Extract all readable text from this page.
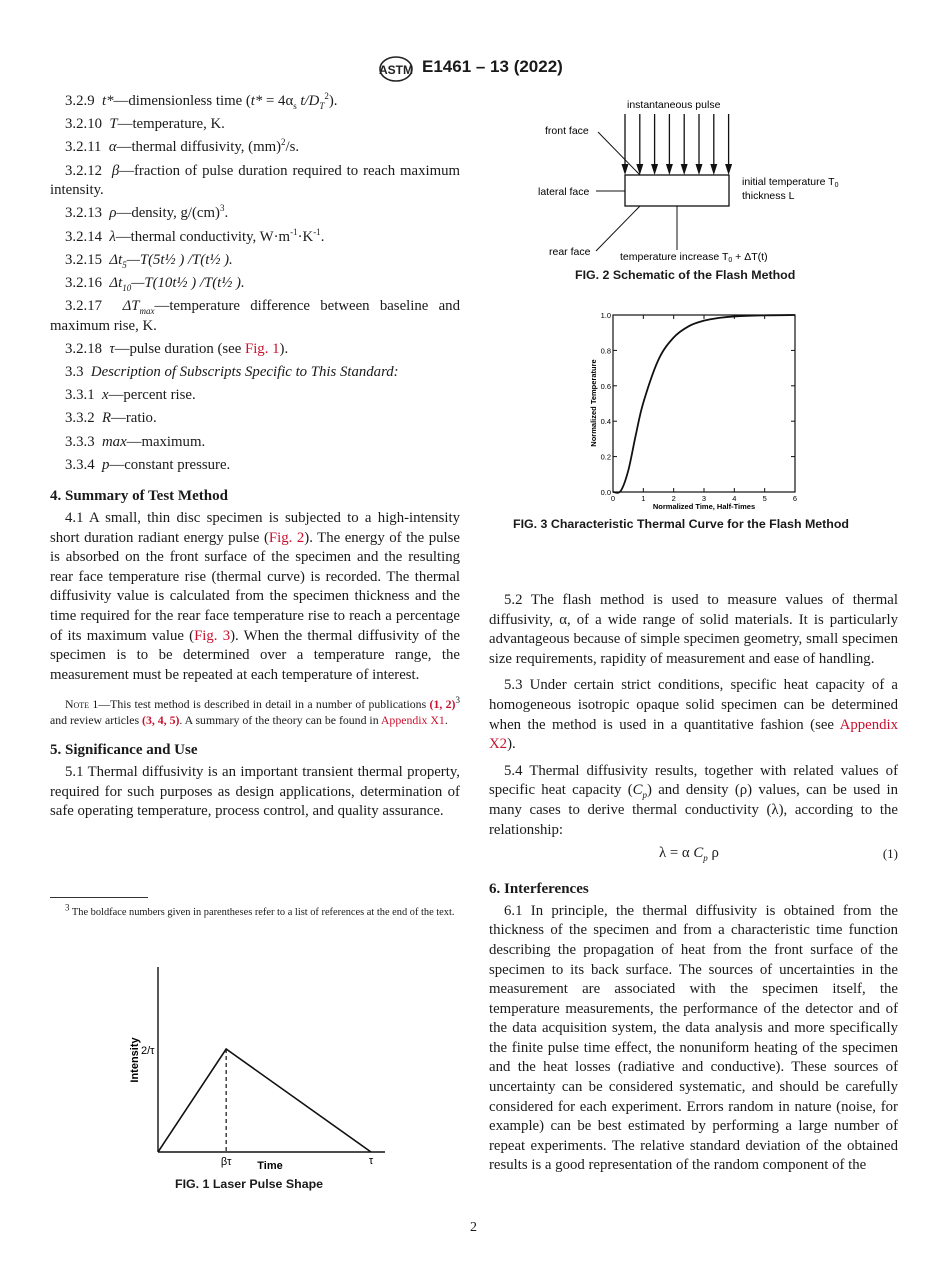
ASTM E1461 – 13 (2022)
3.2.9 t*—dimensionless time ($t* = 4\alpha_s$ $t/D_T^2$).
3.2.10 T—temperature, K.
3.2.11 α—thermal diffusivity, (mm)$^2$/s.
3.2.12 β—fraction of pulse duration required to reach maximum intensity.
3.2.13 ρ—density, g/(cm)$^3$.
3.2.14 λ—thermal conductivity, $W\cdot m^{-1}\cdot K^{-1}$.
3.2.15 $\Delta t_5—T(5t\frac{1}{2}$ ) /T(t½ ).
3.2.16 $\Delta t_{10}—T(10t\frac{1}{2}$ ) /T(t½ ).
3.2.17 $\Delta T_{max}—temperature$ difference between baseline and maximum rise, K.
3.2.18 τ—pulse duration (see Fig. 1).
3.3 Description of Subscripts Specific to This Standard:
3.3.1 x—percent rise.
3.3.2 R—ratio.
3.3.3 max—maximum.
3.3.4 p—constant pressure.

4. Summary of Test Method

4.1 A small, thin disc specimen is subjected to a high-intensity short duration radiant energy pulse (Fig. 2). The energy of the pulse is absorbed on the front surface of the specimen and the resulting rear face temperature rise (thermal curve) is recorded. The thermal diffusivity value is calculated from the specimen thickness and the time required for the rear face temperature rise to reach a percentage of its maximum value (Fig. 3). When the thermal diffusivity of the specimen is to be determined over a temperature range, the measurement must be repeated at each temperature of interest.

Note 1—This test method is described in detail in a number of publications (1, 2)$^3$ and review articles (3, 4, 5). A summary of the theory can be found in Appendix X1.

5. Significance and Use

5.1 Thermal diffusivity is an important transient thermal property, required for such purposes as design applications, determination of safe operating temperature, process control, and quality assurance.

$^3$ The boldface numbers given in parentheses refer to a list of references at the end of the text.
Intensity 2/τ
βτ Time	τ
FIG. 1 Laser Pulse Shape
instantaneous pulse
front face
lateral face
rear face	temperature increase T0 + ΔT(t)
initial temperature T0
thickness L
FIG. 2 Schematic of the Flash Method
0	1	2	3	4	5	6
0.0
0.2
0.4
0.6
0.8
1.0
Normalized Time, Half-Times
Normalized Temperature
FIG. 3 Characteristic Thermal Curve for the Flash Method

5.2 The flash method is used to measure values of thermal diffusivity, α, of a wide range of solid materials. It is particularly advantageous because of simple specimen geometry, small specimen size requirements, rapidity of measurement and ease of handling.

5.3 Under certain strict conditions, specific heat capacity of a homogeneous isotropic opaque solid specimen can be determined when the method is used in a quantitative fashion (see Appendix X2).

5.4 Thermal diffusivity results, together with related values of specific heat capacity $(C_p)$ and density (ρ) values, can be used in many cases to derive thermal conductivity (λ), according to the relationship:

λ = α $C_p$ ρ	(1)

6. Interferences

6.1 In principle, the thermal diffusivity is obtained from the thickness of the specimen and from a characteristic time function describing the propagation of heat from the front surface of the specimen to its back surface. The sources of uncertainties in the measurement are associated with the specimen itself, the temperature measurements, the performance of the detector and of the data acquisition system, the data analysis and more specifically the finite pulse time effect, the nonuniform heating of the specimen and the heat losses (radiative and conductive). These sources of uncertainty can be considered systematic, and should be carefully considered for each experiment. Errors random in nature (noise, for example) can be best estimated by performing a large number of repeat experiments. The relative standard deviation of the obtained results is a good representation of the random component of the

2
